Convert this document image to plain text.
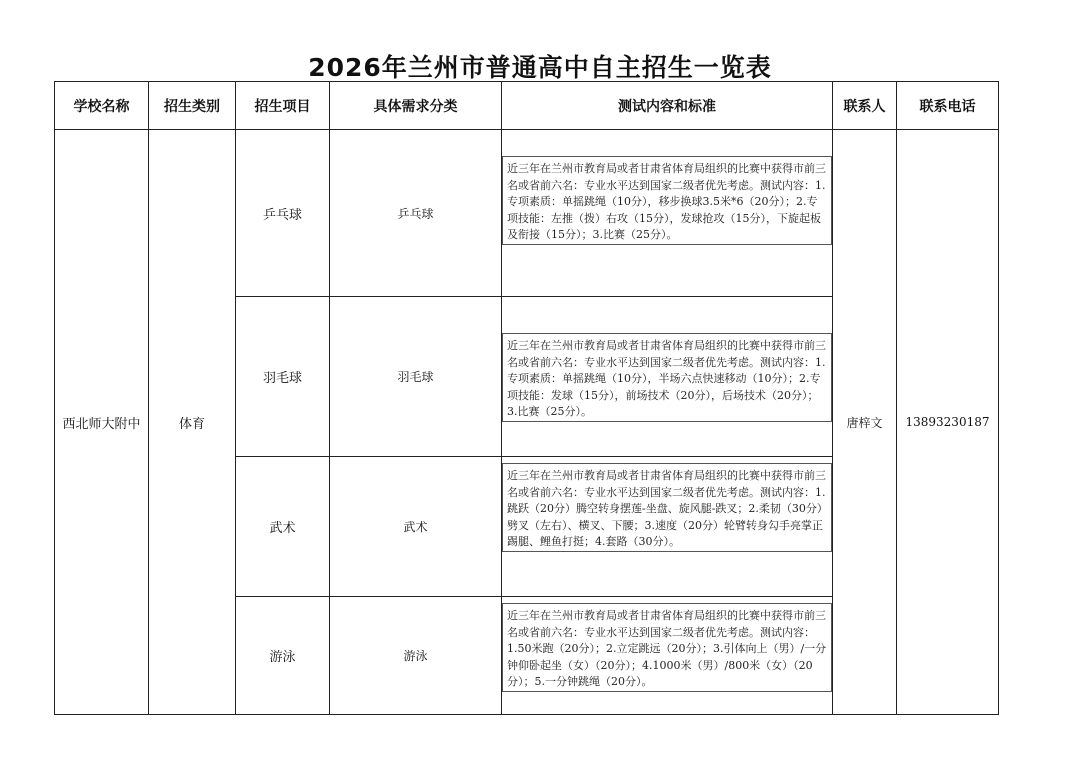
2026年兰州市普通高中自主招生一览表
学校名称	招生类别	招生项目	具体需求分类	测试内容和标准	联系人	联系电话
西北师大附中	体育	乒乓球	乒乓球	近三年在兰州市教育局或者甘肃省体育局组织的比赛中获得市前三名或省前六名：专业水平达到国家二级者优先考虑。测试内容：1.专项素质：单摇跳绳（10分），移步换球3.5米*6（20分）；2.专项技能：左推（拨）右攻（15分），发球抢攻（15分），下旋起板及衔接（15分）；3.比赛（25分）。	唐梓文	13893230187
		羽毛球	羽毛球	近三年在兰州市教育局或者甘肃省体育局组织的比赛中获得市前三名或省前六名：专业水平达到国家二级者优先考虑。测试内容：1.专项素质：单摇跳绳（10分），半场六点快速移动（10分）；2.专项技能：发球（15分），前场技术（20分），后场技术（20分）；3.比赛（25分）。		

		武术	武术	近三年在兰州市教育局或者甘肃省体育局组织的比赛中获得市前三名或省前六名：专业水平达到国家二级者优先考虑。测试内容：1.跳跃（20分）腾空转身摆莲-坐盘、旋风腿-跌叉；2.柔韧（30分）劈叉（左右）、横叉、下腰；3.速度（20分）轮臂转身勾手亮掌正踢腿、鲤鱼打挺；4.套路（30分）。		

		游泳	游泳	近三年在兰州市教育局或者甘肃省体育局组织的比赛中获得市前三名或省前六名：专业水平达到国家二级者优先考虑。测试内容：1.50米跑（20分）；2.立定跳远（20分）；3.引体向上（男）/一分钟仰卧起坐（女）（20分）；4.1000米（男）/800米（女）（20分）；5.一分钟跳绳（20分）。		
